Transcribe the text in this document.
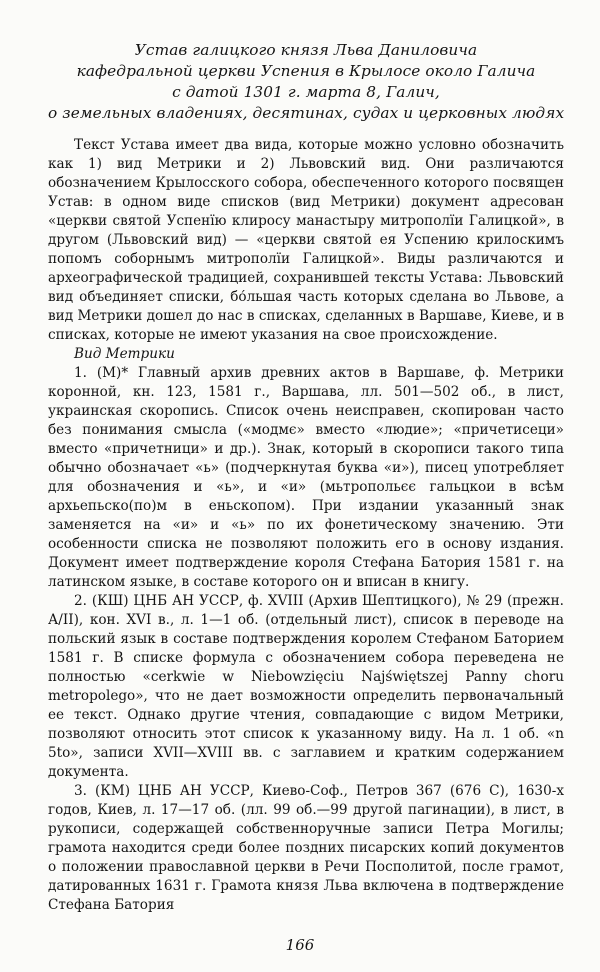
Устав галицкого князя Льва Даниловича
кафедральной церкви Успения в Крылосе около Галича
с датой 1301 г. марта 8, Галич,
о земельных владениях, десятинах, судах и церковных людях

Текст Устава имеет два вида, которые можно условно обозначить как 1) вид Метрики и 2) Львовский вид. Они различаются обозначением Крылосского собора, обеспеченного которого посвящен Устав: в одном виде списков (вид Метрики) документ адресован «церкви святой Успенїю клиросу манастыру митрополїи Галицкой», в другом (Львовский вид) — «церкви святой ея Успению крилоскимъ попомъ соборнымъ митрополїи Галицкой». Виды различаются и археографической традицией, сохранившей тексты Устава: Львовский вид объединяет списки, бо́льшая часть которых сделана во Львове, а вид Метрики дошел до нас в списках, сделанных в Варшаве, Киеве, и в списках, которые не имеют указания на свое происхождение.

Вид Метрики

1. (М)* Главный архив древних актов в Варшаве, ф. Метрики коронной, кн. 123, 1581 г., Варшава, лл. 501—502 об., в лист, украинская скоропись. Список очень неисправен, скопирован часто без понимания смысла («модмє» вместо «людие»; «причетисеци» вместо «причетници» и др.). Знак, который в скорописи такого типа обычно обозначает «ь» (подчеркнутая буква «и»), писец употребляет для обозначения и «ь», и «и» (мьтропольєє гальцкои в всѣм архьепьско(по)м в еньскопом). При издании указанный знак заменяется на «и» и «ь» по их фонетическому значению. Эти особенности списка не позволяют положить его в основу издания. Документ имеет подтверждение короля Стефана Батория 1581 г. на латинском языке, в составе которого он и вписан в книгу.

2. (КШ) ЦНБ АН УССР, ф. XVIII (Архив Шептицкого), № 29 (прежн. А/II), кон. XVI в., л. 1—1 об. (отдельный лист), список в переводе на польский язык в составе подтверждения королем Стефаном Баторием 1581 г. В списке формула с обозначением собора переведена не полностью «cerkwie w Niebowzięciu Najświętszej Panny choru metropolego», что не дает возможности определить первоначальный ее текст. Однако другие чтения, совпадающие с видом Метрики, позволяют относить этот список к указанному виду. На л. 1 об. «n 5to», записи XVII—XVIII вв. с заглавием и кратким содержанием документа.

3. (КМ) ЦНБ АН УССР, Киево-Соф., Петров 367 (676 С), 1630-х годов, Киев, л. 17—17 об. (лл. 99 об.—99 другой пагинации), в лист, в рукописи, содержащей собственноручные записи Петра Могилы; грамота находится среди более поздних писарских копий документов о положении православной церкви в Речи Посполитой, после грамот, датированных 1631 г. Грамота князя Льва включена в подтверждение Стефана Батория

166
